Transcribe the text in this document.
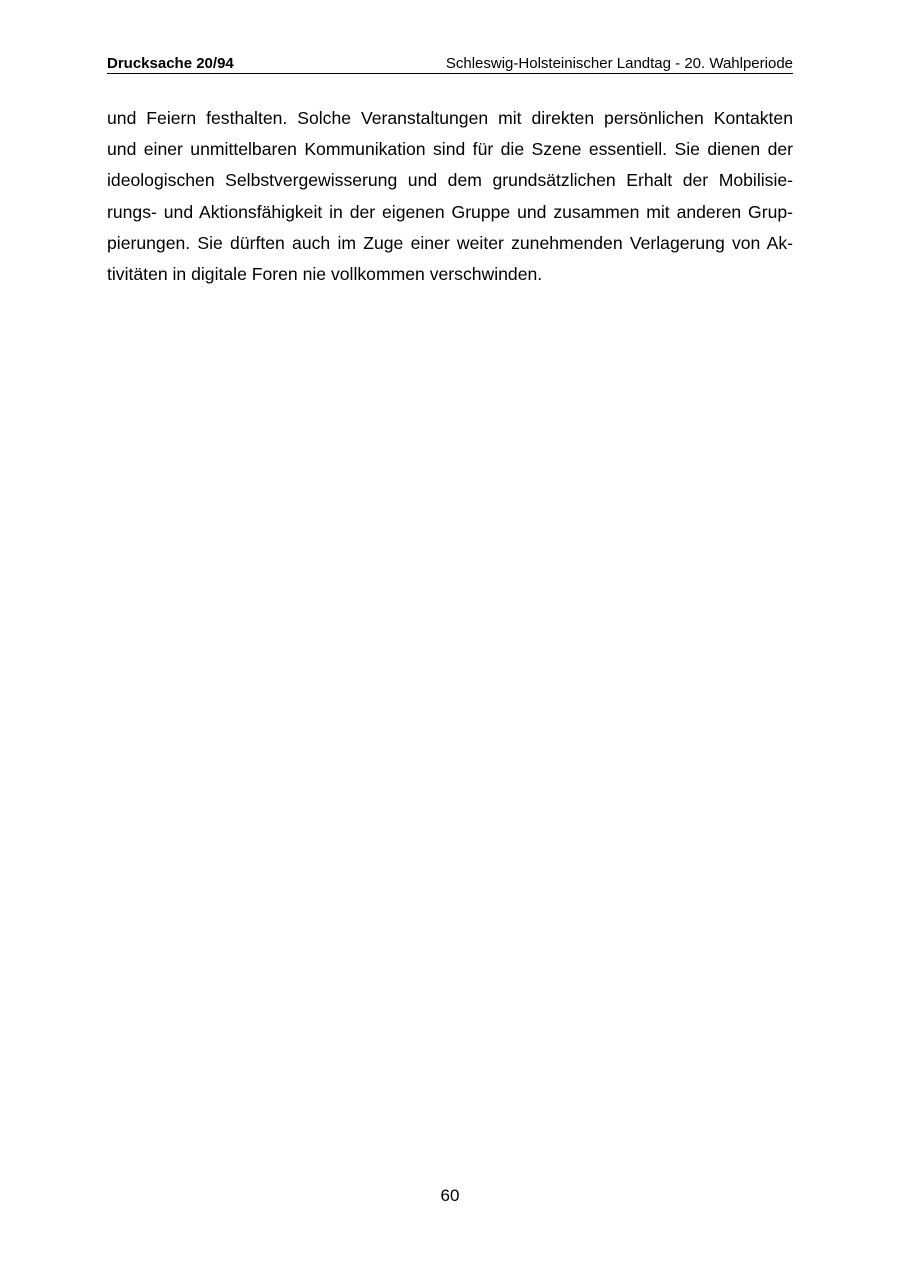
Drucksache 20/94	Schleswig-Holsteinischer Landtag - 20. Wahlperiode
und Feiern festhalten. Solche Veranstaltungen mit direkten persönlichen Kontakten
und einer unmittelbaren Kommunikation sind für die Szene essentiell. Sie dienen der
ideologischen Selbstvergewisserung und dem grundsätzlichen Erhalt der Mobilisie-
rungs- und Aktionsfähigkeit in der eigenen Gruppe und zusammen mit anderen Grup-
pierungen. Sie dürften auch im Zuge einer weiter zunehmenden Verlagerung von Ak-
tivitäten in digitale Foren nie vollkommen verschwinden.
60
